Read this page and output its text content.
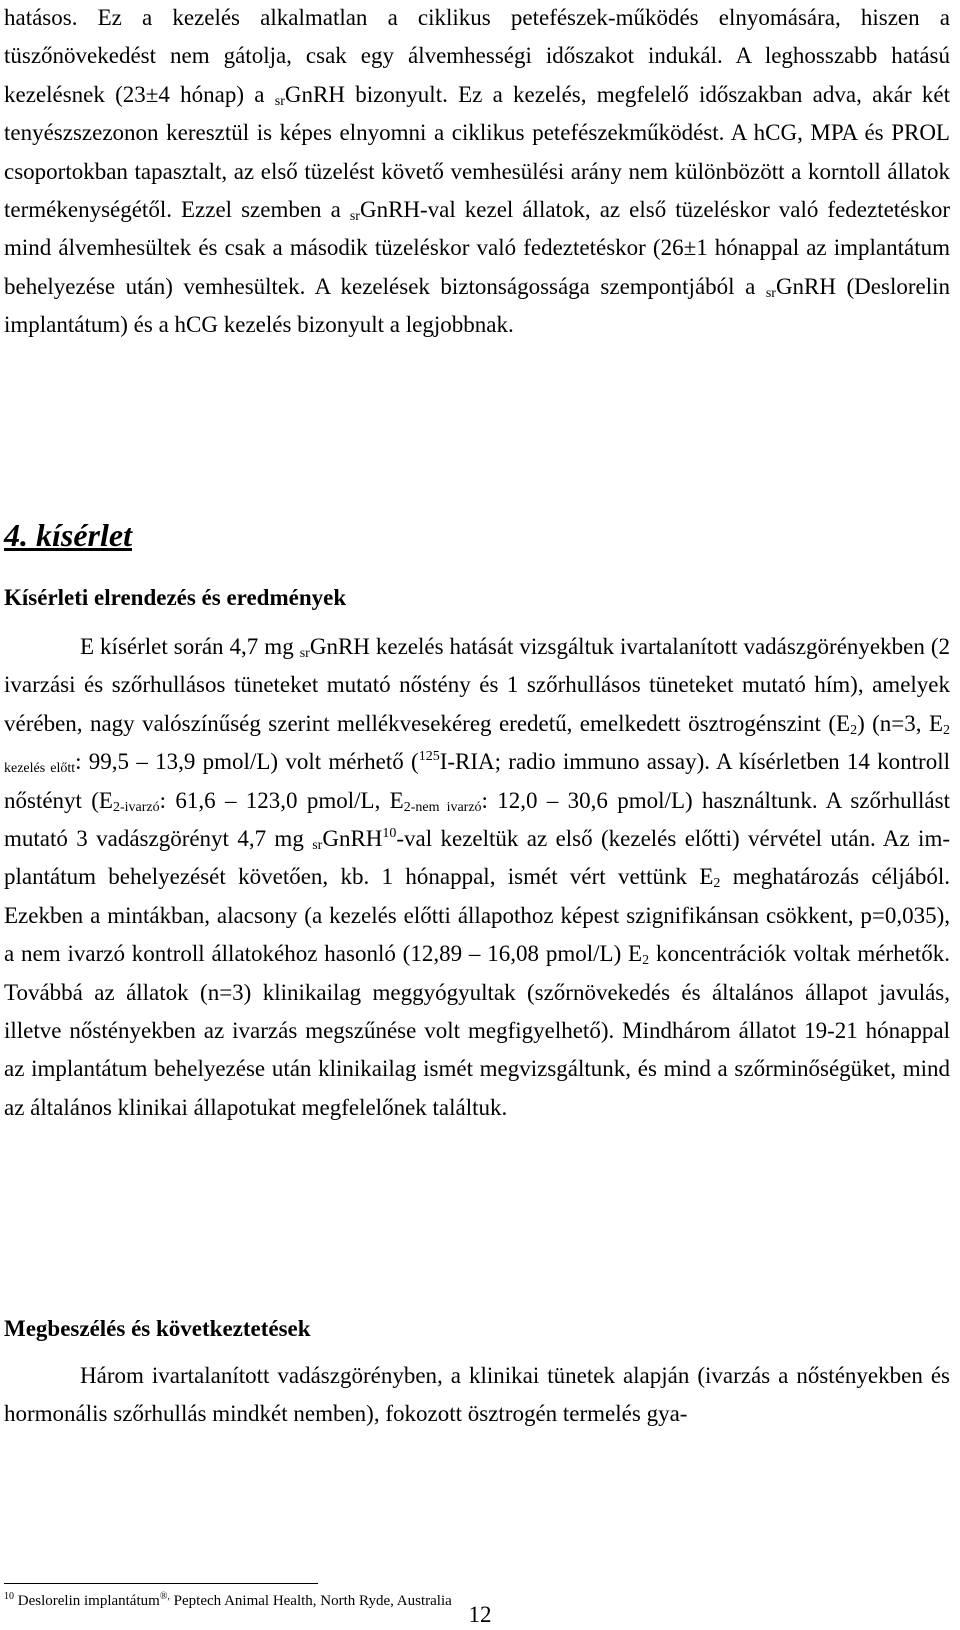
hatásos. Ez a kezelés alkalmatlan a ciklikus petefészek-működés elnyomására, hiszen a tüszőnövekedést nem gátolja, csak egy álvemhességi időszakot indukál. A leghosszabb hatású kezelésnek (23±4 hónap) a $_{sr}$GnRH bizonyult. Ez a kezelés, megfelelő időszakban adva, akár két tenyészszezonon keresztül is képes elnyomni a ciklikus petefészekműködést. A hCG, MPA és PROL csoportokban tapasztalt, az első tüzelést követő vemhesülési arány nem különbözött a korntoll állatok termékenységétől. Ezzel szemben a $_{sr}$GnRH-val kezel állatok, az első tüzeléskor való fedeztetéskor mind álvemhesültek és csak a második tüzeléskor való fedeztetéskor (26±1 hónappal az implantátum behelyezése után) vemhesültek. A kezelések biztonságossága szempontjából a $_{sr}$GnRH (Deslorelin implantátum) és a hCG kezelés bizonyult a legjobbnak.

4. kísérlet
Kísérleti elrendezés és eredmények

E kísérlet során 4,7 mg $_{sr}$GnRH kezelés hatását vizsgáltuk ivartalanított vadászgörényekben (2 ivarzási és szőrhullásos tüneteket mutató nőstény és 1 szőrhullásos tüneteket mutató hím), amelyek vérében, nagy valószínűség szerint mellékvesekéreg eredetű, emelkedett ösztrogénszint $(E_2)$ (n=3, $E_{2 kezelés előtt}$: 99,5 – 13,9 pmol/L) volt mérhető ($^{125}$I-RIA; radio immuno assay). A kísérletben 14 kontroll nőstényt ($E_{2-ivarzó}$: 61,6 – 123,0 pmol/L, $E_{2-nem ivarzó}$: 12,0 – 30,6 pmol/L) használtunk. A szőrhullást mutató 3 vadászgörényt 4,7 mg $_{sr}$GnRH$^{10}$-val kezeltük az első (kezelés előtti) vérvétel után. Az implantátum behelyezését követően, kb. 1 hónappal, ismét vért vettünk $E_2$ meghatározás céljából. Ezekben a mintákban, alacsony (a kezelés előtti állapothoz képest szignifikánsan csökkent, p=0,035), a nem ivarzó kontroll állatokéhoz hasonló (12,89 – 16,08 pmol/L) $E_2$ koncentrációk voltak mérhetők. Továbbá az állatok (n=3) klinikailag meggyógyultak (szőrnövekedés és általános állapot javulás, illetve nőstényekben az ivarzás megszűnése volt megfigyelhető). Mindhárom állatot 19-21 hónappal az implantátum behelyezése után klinikailag ismét megvizsgáltunk, és mind a szőrminőségüket, mind az általános klinikai állapotukat megfelelőnek találtuk.

Megbeszélés és következtetések

Három ivartalanított vadászgörényben, a klinikai tünetek alapján (ivarzás a nőstényekben és hormonális szőrhullás mindkét nemben), fokozott ösztrogén termelés gya-

$^{10}$ Deslorelin implantátum®, Peptech Animal Health, North Ryde, Australia

12
